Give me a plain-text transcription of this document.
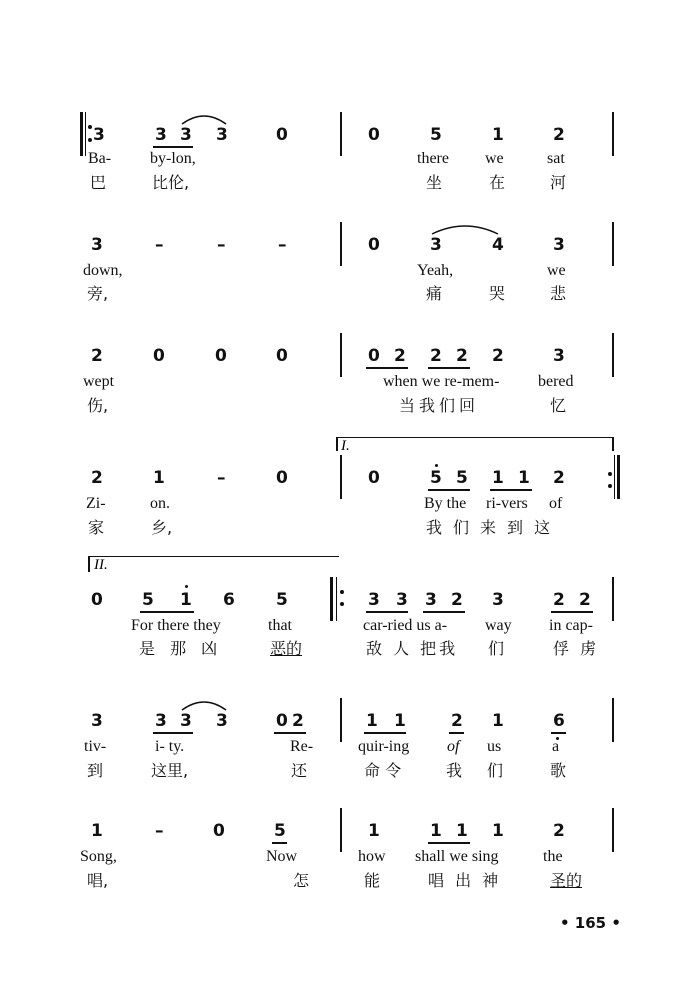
3	3 3 3	0	0	5	1	2
Ba- by-lon,	there we	sat
巴	比伦,	坐	在	河
3	–	–	–	0	3	4	3
down,	Yeah,	we
旁,	痛	哭	悲
2	0	0	0	0 2 2 2 2	3
wept	when we re-mem- bered
伤,	当我们回	忆
I.
2	1	–	0	0	5 5 1 1 2
Zi-	on.	By the ri-vers of
家	乡,	我们来到这
II.
0 5 1 6 5	3 3 3 2 3	2 2
For there they	that	car-ried us a- way in cap-
是 那 凶	恶的	敌 人 把我 们	俘 虏
3	3 3 3	0 2	1 1	2 1	6
tiv-	i- ty.	Re-	quir-ing of us	a
到	这里,	还	命 令	我 们	歌
1	–	0	5	1	1 1 1	2
Song,	Now	how shall we sing	the
唱,	怎	能	唱 出 神	圣的
• 165 •
